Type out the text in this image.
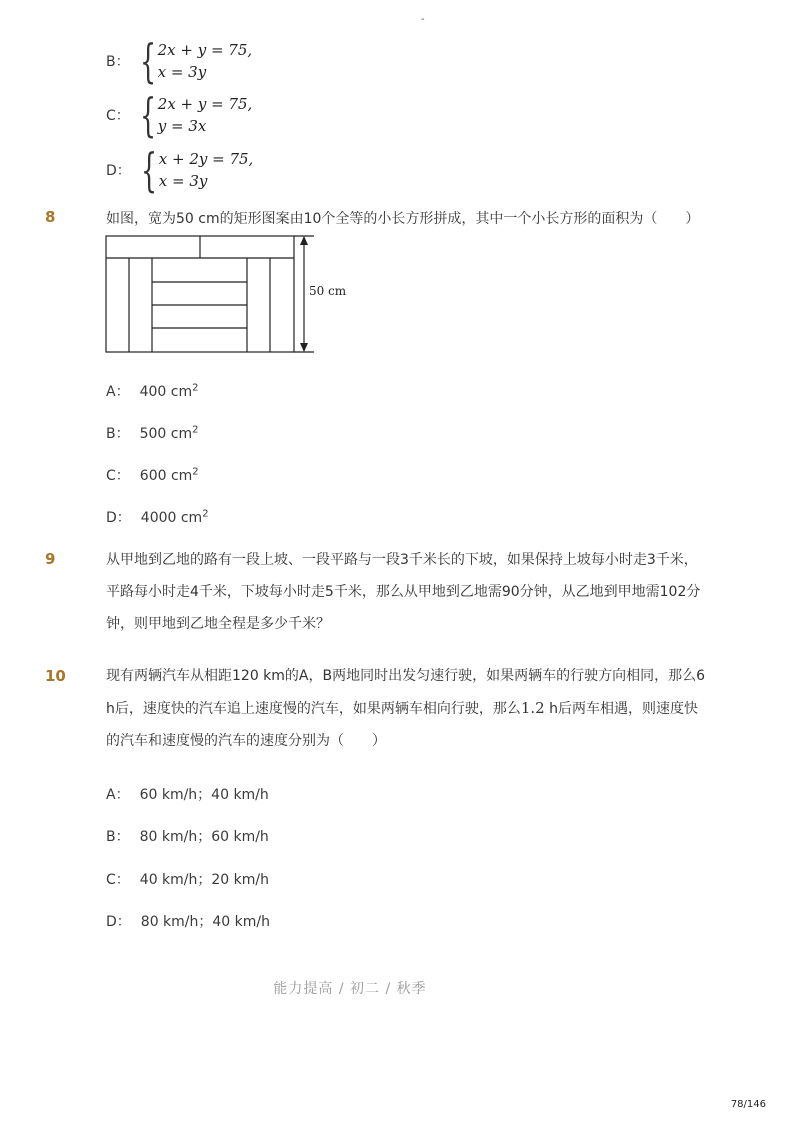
-
B： { 2x + y = 75,
x = 3y
C： { 2x + y = 75,
y = 3x
D： { x + 2y = 75,
x = 3y
8	如图，宽为50 cm的矩形图案由10个全等的小长方形拼成，其中一个小长方形的面积为（　　）
50 cm
A： 400 $cm^2$
B： 500 $cm^2$
C： 600 $cm^2$
D： 4000 $cm^2$
9	从甲地到乙地的路有一段上坡、一段平路与一段3千米长的下坡，如果保持上坡每小时走3千米，
平路每小时走4千米，下坡每小时走5千米，那么从甲地到乙地需90分钟，从乙地到甲地需102分
钟，则甲地到乙地全程是多少千米？
10	现有两辆汽车从相距120 km的A，B两地同时出发匀速行驶，如果两辆车的行驶方向相同，那么6
h后，速度快的汽车追上速度慢的汽车，如果两辆车相向行驶，那么1.2 h后两车相遇，则速度快
的汽车和速度慢的汽车的速度分别为（　　）
A： 60 km/h；40 km/h
B： 80 km/h；60 km/h
C： 40 km/h；20 km/h
D： 80 km/h；40 km/h
能力提高 / 初二 / 秋季
78/146
